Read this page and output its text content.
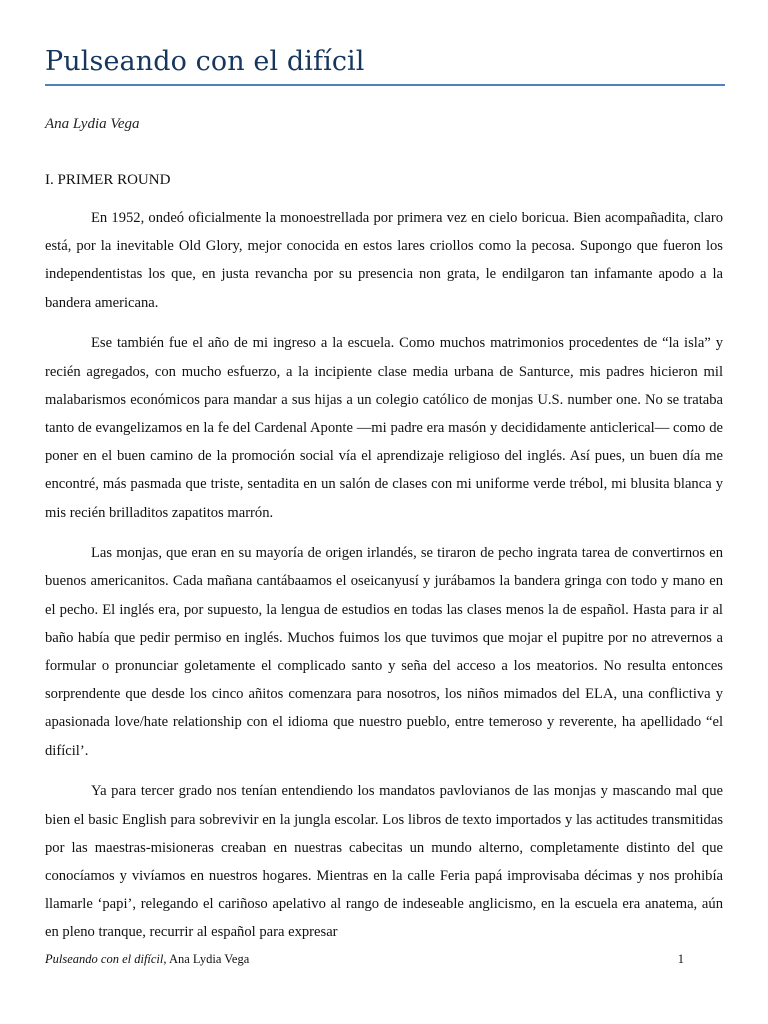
Pulseando con el difícil
Ana Lydia Vega
I. PRIMER ROUND

En 1952, ondeó oficialmente la monoestrellada por primera vez en cielo boricua. Bien acompañadita, claro está, por la inevitable Old Glory, mejor conocida en estos lares criollos como la pecosa. Supongo que fueron los independentistas los que, en justa revancha por su presencia non grata, le endilgaron tan infamante apodo a la bandera americana.

Ese también fue el año de mi ingreso a la escuela. Como muchos matrimonios procedentes de “la isla” y recién agregados, con mucho esfuerzo, a la incipiente clase media urbana de Santurce, mis padres hicieron mil malabarismos económicos para mandar a sus hijas a un colegio católico de monjas U.S. number one. No se trataba tanto de evangelizamos en la fe del Cardenal Aponte —mi padre era masón y decididamente anticlerical— como de poner en el buen camino de la promoción social vía el aprendizaje religioso del inglés. Así pues, un buen día me encontré, más pasmada que triste, sentadita en un salón de clases con mi uniforme verde trébol, mi blusita blanca y mis recién brilladitos zapatitos marrón.

Las monjas, que eran en su mayoría de origen irlandés, se tiraron de pecho ingrata tarea de convertirnos en buenos americanitos. Cada mañana cantábaamos el oseicanyusí y jurábamos la bandera gringa con todo y mano en el pecho. El inglés era, por supuesto, la lengua de estudios en todas las clases menos la de español. Hasta para ir al baño había que pedir permiso en inglés. Muchos fuimos los que tuvimos que mojar el pupitre por no atrevernos a formular o pronunciar goletamente el complicado santo y seña del acceso a los meatorios. No resulta entonces sorprendente que desde los cinco añitos comenzara para nosotros, los niños mimados del ELA, una conflictiva y apasionada love/hate relationship con el idioma que nuestro pueblo, entre temeroso y reverente, ha apellidado “el difícil’.

Ya para tercer grado nos tenían entendiendo los mandatos pavlovianos de las monjas y mascando mal que bien el basic English para sobrevivir en la jungla escolar. Los libros de texto importados y las actitudes transmitidas por las maestras-misioneras creaban en nuestras cabecitas un mundo alterno, completamente distinto del que conocíamos y vivíamos en nuestros hogares. Mientras en la calle Feria papá improvisaba décimas y nos prohibía llamarle ‘papi’, relegando el cariñoso apelativo al rango de indeseable anglicismo, en la escuela era anatema, aún en pleno tranque, recurrir al español para expresar

Pulseando con el difícil, Ana Lydia Vega	1
